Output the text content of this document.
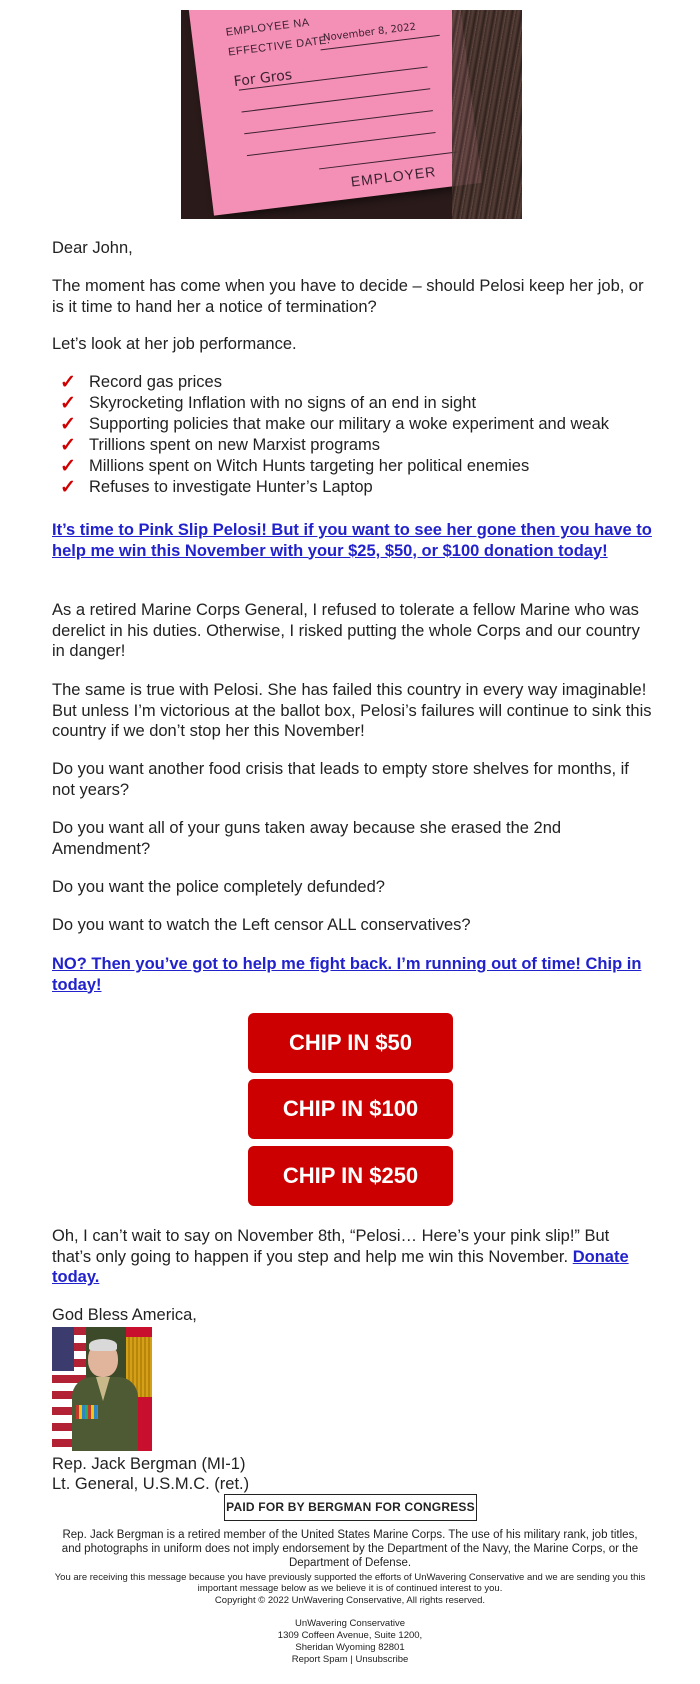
EMPLOYEE NA
EFFECTIVE DATE:
November 8, 2022
For Gros
EMPLOYER
Dear John,
The moment has come when you have to decide – should Pelosi keep her job, or is it time to hand her a notice of termination?
Let’s look at her job performance.
✓ Record gas prices
✓ Skyrocketing Inflation with no signs of an end in sight
✓ Supporting policies that make our military a woke experiment and weak
✓ Trillions spent on new Marxist programs
✓ Millions spent on Witch Hunts targeting her political enemies
✓ Refuses to investigate Hunter’s Laptop
It’s time to Pink Slip Pelosi! But if you want to see her gone then you have to help me win this November with your $25, $50, or $100 donation today!
As a retired Marine Corps General, I refused to tolerate a fellow Marine who was derelict in his duties. Otherwise, I risked putting the whole Corps and our country in danger!
The same is true with Pelosi. She has failed this country in every way imaginable! But unless I’m victorious at the ballot box, Pelosi’s failures will continue to sink this country if we don’t stop her this November!
Do you want another food crisis that leads to empty store shelves for months, if not years?
Do you want all of your guns taken away because she erased the 2nd Amendment?
Do you want the police completely defunded?
Do you want to watch the Left censor ALL conservatives?
NO? Then you’ve got to help me fight back. I’m running out of time! Chip in today!
CHIP IN $50
CHIP IN $100
CHIP IN $250
Oh, I can’t wait to say on November 8th, “Pelosi… Here’s your pink slip!” But that’s only going to happen if you step and help me win this November. Donate today.
God Bless America,
Rep. Jack Bergman (MI-1)
Lt. General, U.S.M.C. (ret.)
PAID FOR BY BERGMAN FOR CONGRESS
Rep. Jack Bergman is a retired member of the United States Marine Corps. The use of his military rank, job titles, and photographs in uniform does not imply endorsement by the Department of the Navy, the Marine Corps, or the Department of Defense.
You are receiving this message because you have previously supported the efforts of UnWavering Conservative and we are sending you this important message below as we believe it is of continued interest to you.
Copyright © 2022 UnWavering Conservative, All rights reserved.
UnWavering Conservative
1309 Coffeen Avenue, Suite 1200,
Sheridan Wyoming 82801
Report Spam | Unsubscribe
